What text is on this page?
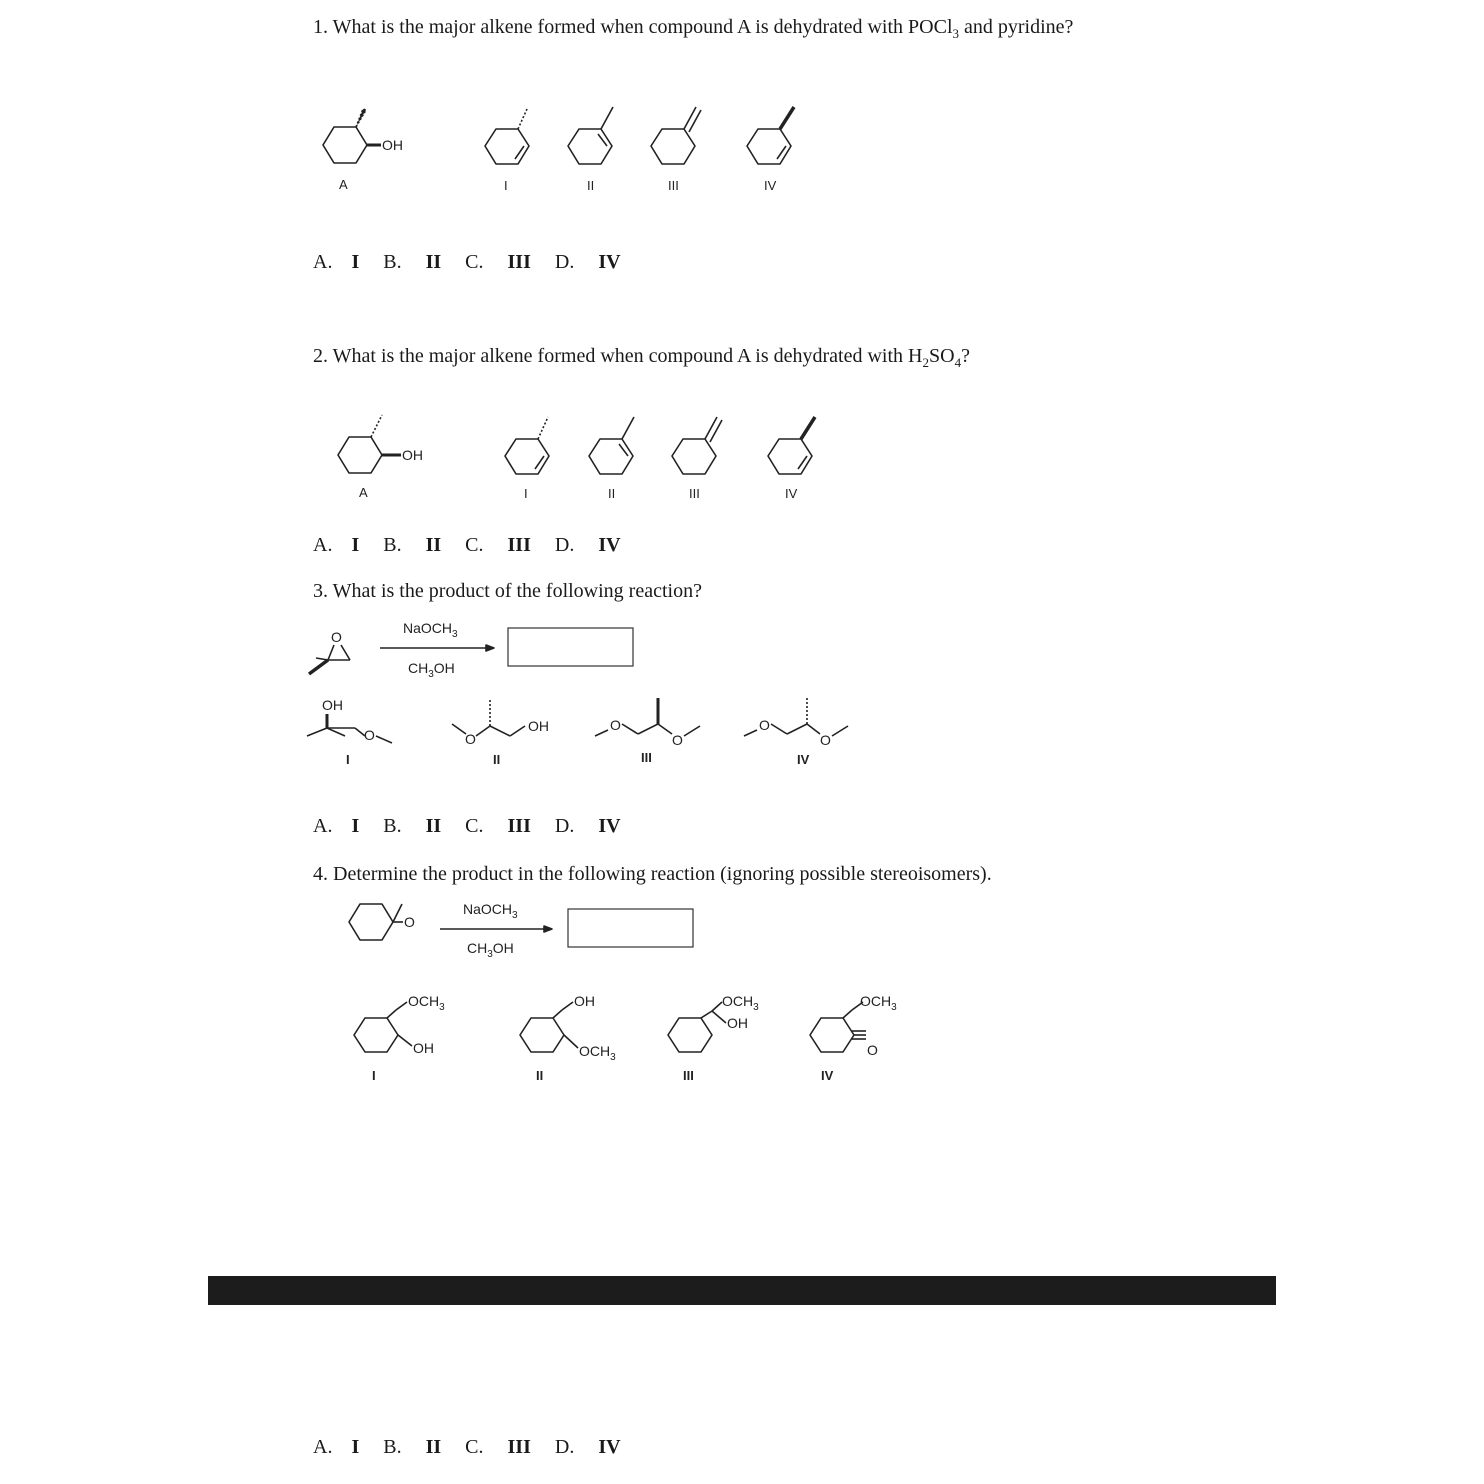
1. What is the major alkene formed when compound A is dehydrated with POCl$_3$ and pyridine?
OH
A	I	II	III	IV
A. I B. II C. III D. IV
2. What is the major alkene formed when compound A is dehydrated with $H_2SO_4$?
OH
A	I	II	III	IV
A. I B. II C. III D. IV
3. What is the product of the following reaction?
O
NaOCH$_3$
$CH_3OH$
OH
O
I
O
OH
II
O
O
III
O
O
IV
A. I B. II C. III D. IV
4. Determine the product in the following reaction (ignoring possible stereoisomers).
O
NaOCH$_3$
$CH_3OH$
$OCH_3$
OH
I
OH
$OCH_3$
II
$OCH_3$
OH
III
$OCH_3$
O
IV
A. I B. II C. III D. IV
